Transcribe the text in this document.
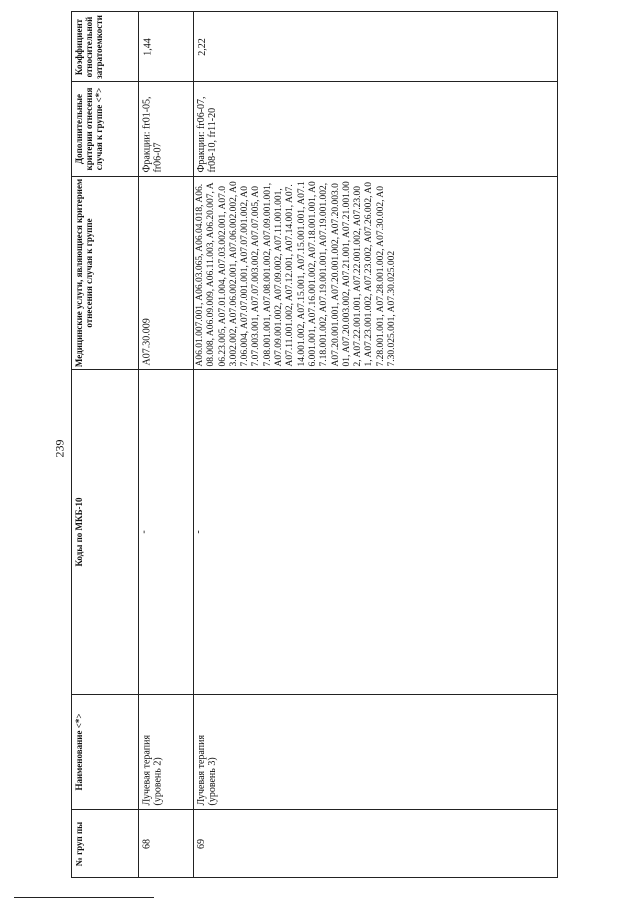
239
Коэффициент относительной затратоемкости
Дополнительные критерии отнесения случая к группе <*>
Медицинские услуги, являющиеся критерием отнесения случая к группе
Коды по МКБ-10
Наименование <*>
№ груп пы
1,44
Фракции: fr01-05, fr06-07
A07.30.009
-
Лучевая терапия (уровень 2)
68
2,22
Фракции: fr06-07, fr08-10, fr11-20
A06.01.007.001, A06.03.065, A06.04.018, A06.08.008, A06.09.009, A06.11.003, A06.20.007, A06.23.005, A07.01.004, A07.03.002.001, A07.03.002.002, A07.06.002.001, A07.06.002.002, A07.06.004, A07.07.001.001, A07.07.001.002, A07.07.003.001, A07.07.003.002, A07.07.005, A07.08.001.001, A07.08.001.002, A07.09.001.001, A07.09.001.002, A07.09.002, A07.11.001.001, A07.11.001.002, A07.12.001, A07.14.001, A07.14.001.002, A07.15.001, A07.15.001.001, A07.16.001.001, A07.16.001.002, A07.18.001.001, A07.18.001.002, A07.19.001.001, A07.19.001.002, A07.20.001.001, A07.20.001.002, A07.20.003.001, A07.20.003.002, A07.21.001, A07.21.001.002, A07.22.001.001, A07.22.001.002, A07.23.001, A07.23.001.002, A07.23.002, A07.26.002, A07.28.001.001, A07.28.001.002, A07.30.002, A07.30.025.001, A07.30.025.002
-
Лучевая терапия (уровень 3)
69
